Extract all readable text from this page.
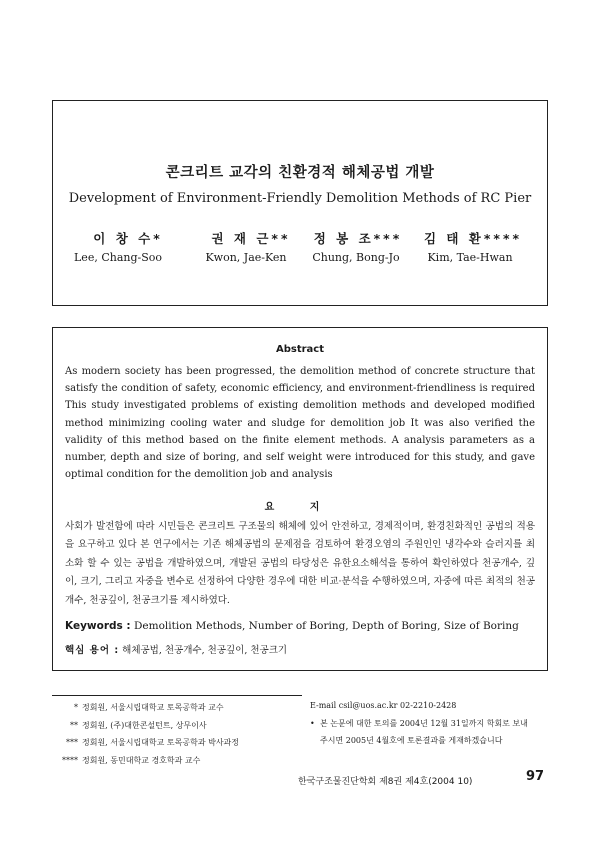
콘크리트 교각의 친환경적 해체공법 개발
Development of Environment-Friendly Demolition Methods of RC Pier
이 창 수*	권 재 근**	정 봉 조***	김 태 환****
Lee, Chang-Soo	Kwon, Jae-Ken	Chung, Bong-Jo	Kim, Tae-Hwan
Abstract
As modern society has been progressed, the demolition method of concrete structure that satisfy the condition of safety, economic efficiency, and environment-friendliness is required This study investigated problems of existing demolition methods and developed modified method minimizing cooling water and sludge for demolition job It was also verified the validity of this method based on the finite element methods. A analysis parameters as a number, depth and size of boring, and self weight were introduced for this study, and gave optimal condition for the demolition job and analysis
요 지
사회가 발전함에 따라 시민들은 콘크리트 구조물의 해체에 있어 안전하고, 경제적이며, 환경친화적인 공법의 적용을 요구하고 있다 본 연구에서는 기존 해체공법의 문제점을 검토하여 환경오염의 주원인인 냉각수와 슬러지를 최소화 할 수 있는 공법을 개발하였으며, 개발된 공법의 타당성은 유한요소해석을 통하여 확인하였다 천공개수, 깊이, 크기, 그리고 자중을 변수로 선정하여 다양한 경우에 대한 비교·분석을 수행하였으며, 자중에 따른 최적의 천공개수, 천공깊이, 천공크기를 제시하였다.
Keywords : Demolition Methods, Number of Boring, Depth of Boring, Size of Boring
핵심 용어 : 해체공법, 천공개수, 천공깊이, 천공크기
* 정회원, 서울시립대학교 토목공학과 교수
** 정회원, (주)대한콘설턴트, 상무이사
*** 정회원, 서울시립대학교 토목공학과 박사과정
**** 정회원, 동민대학교 경호학과 교수
E-mail csil@uos.ac.kr 02-2210-2428
• 본 논문에 대한 토의를 2004년 12월 31일까지 학회로 보내
주시면 2005년 4월호에 토론결과를 게재하겠습니다
한국구조물진단학회 제8권 제4호(2004 10)	97
